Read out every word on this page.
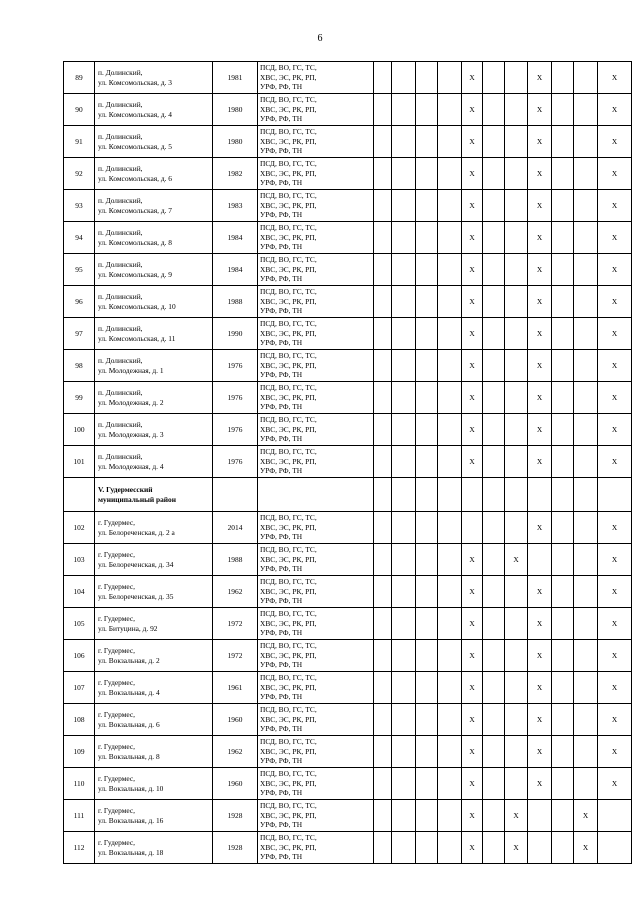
6
89	п. Долинский,
ул. Комсомольская, д. 3	1981	ПСД, ВО, ГС, ТС,
ХВС, ЭС, РК, РП,
УРФ, РФ, ТН					X			X			X
90	п. Долинский,
ул. Комсомольская, д. 4	1980	ПСД, ВО, ГС, ТС,
ХВС, ЭС, РК, РП,
УРФ, РФ, ТН					X			X			X
91	п. Долинский,
ул. Комсомольская, д. 5	1980	ПСД, ВО, ГС, ТС,
ХВС, ЭС, РК, РП,
УРФ, РФ, ТН					X			X			X
92	п. Долинский,
ул. Комсомольская, д. 6	1982	ПСД, ВО, ГС, ТС,
ХВС, ЭС, РК, РП,
УРФ, РФ, ТН					X			X			X
93	п. Долинский,
ул. Комсомольская, д. 7	1983	ПСД, ВО, ГС, ТС,
ХВС, ЭС, РК, РП,
УРФ, РФ, ТН					X			X			X
94	п. Долинский,
ул. Комсомольская, д. 8	1984	ПСД, ВО, ГС, ТС,
ХВС, ЭС, РК, РП,
УРФ, РФ, ТН					X			X			X
95	п. Долинский,
ул. Комсомольская, д. 9	1984	ПСД, ВО, ГС, ТС,
ХВС, ЭС, РК, РП,
УРФ, РФ, ТН					X			X			X
96	п. Долинский,
ул. Комсомольская, д. 10	1988	ПСД, ВО, ГС, ТС,
ХВС, ЭС, РК, РП,
УРФ, РФ, ТН					X			X			X
97	п. Долинский,
ул. Комсомольская, д. 11	1990	ПСД, ВО, ГС, ТС,
ХВС, ЭС, РК, РП,
УРФ, РФ, ТН					X			X			X
98	п. Долинский,
ул. Молодежная, д. 1	1976	ПСД, ВО, ГС, ТС,
ХВС, ЭС, РК, РП,
УРФ, РФ, ТН					X			X			X
99	п. Долинский,
ул. Молодежная, д. 2	1976	ПСД, ВО, ГС, ТС,
ХВС, ЭС, РК, РП,
УРФ, РФ, ТН					X			X			X
100	п. Долинский,
ул. Молодежная, д. 3	1976	ПСД, ВО, ГС, ТС,
ХВС, ЭС, РК, РП,
УРФ, РФ, ТН					X			X			X
101	п. Долинский,
ул. Молодежная, д. 4	1976	ПСД, ВО, ГС, ТС,
ХВС, ЭС, РК, РП,
УРФ, РФ, ТН					X			X			X

	V. Гудермесский
муниципальный район													

102	г. Гудермес,
ул. Белореченская, д. 2 а	2014	ПСД, ВО, ГС, ТС,
ХВС, ЭС, РК, РП,
УРФ, РФ, ТН								X			X
103	г. Гудермес,
ул. Белореченская, д. 34	1988	ПСД, ВО, ГС, ТС,
ХВС, ЭС, РК, РП,
УРФ, РФ, ТН					X		X				X
104	г. Гудермес,
ул. Белореченская, д. 35	1962	ПСД, ВО, ГС, ТС,
ХВС, ЭС, РК, РП,
УРФ, РФ, ТН					X			X			X
105	г. Гудермес,
ул. Битуцина, д. 92	1972	ПСД, ВО, ГС, ТС,
ХВС, ЭС, РК, РП,
УРФ, РФ, ТН					X			X			X
106	г. Гудермес,
ул. Вокзальная, д. 2	1972	ПСД, ВО, ГС, ТС,
ХВС, ЭС, РК, РП,
УРФ, РФ, ТН					X			X			X
107	г. Гудермес,
ул. Вокзальная, д. 4	1961	ПСД, ВО, ГС, ТС,
ХВС, ЭС, РК, РП,
УРФ, РФ, ТН					X			X			X
108	г. Гудермес,
ул. Вокзальная, д. 6	1960	ПСД, ВО, ГС, ТС,
ХВС, ЭС, РК, РП,
УРФ, РФ, ТН					X			X			X
109	г. Гудермес,
ул. Вокзальная, д. 8	1962	ПСД, ВО, ГС, ТС,
ХВС, ЭС, РК, РП,
УРФ, РФ, ТН					X			X			X
110	г. Гудермес,
ул. Вокзальная, д. 10	1960	ПСД, ВО, ГС, ТС,
ХВС, ЭС, РК, РП,
УРФ, РФ, ТН					X			X			X
111	г. Гудермес,
ул. Вокзальная, д. 16	1928	ПСД, ВО, ГС, ТС,
ХВС, ЭС, РК, РП,
УРФ, РФ, ТН					X		X			X	
112	г. Гудермес,
ул. Вокзальная, д. 18	1928	ПСД, ВО, ГС, ТС,
ХВС, ЭС, РК, РП,
УРФ, РФ, ТН					X		X			X	
